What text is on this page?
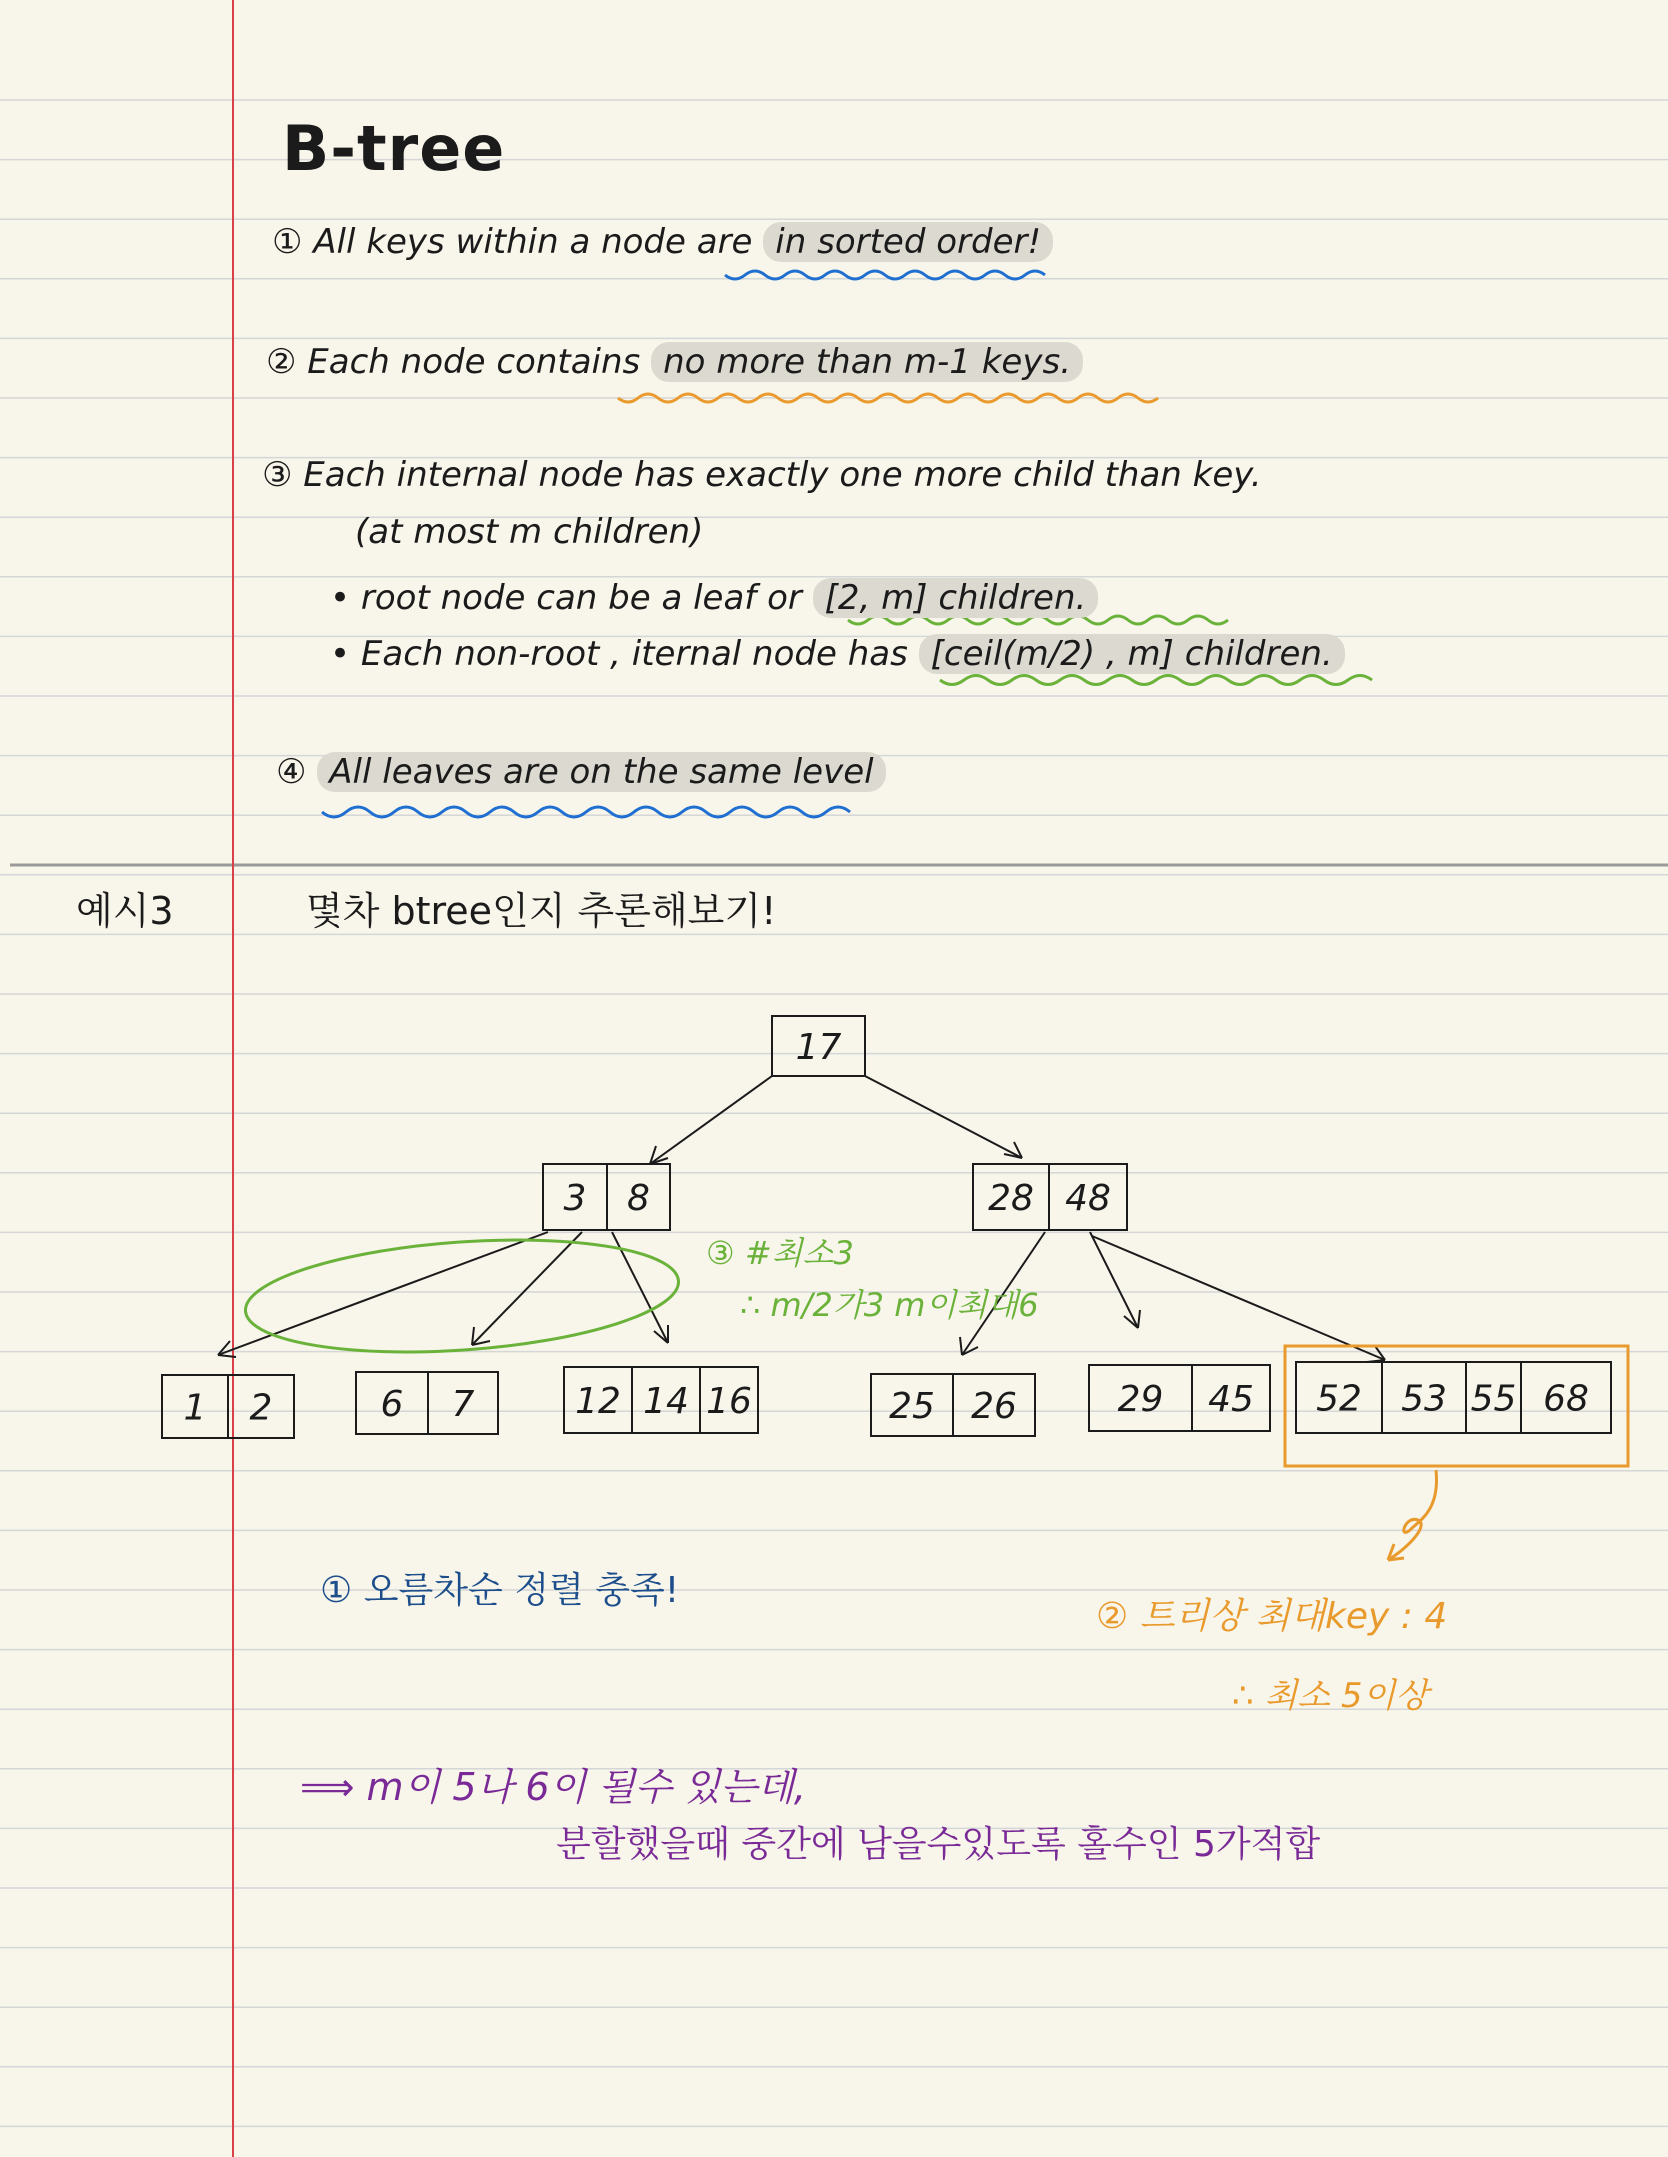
17
3 8	28 48
1 2	6 7	12 14 16	25 26	29 45 52 53 55 68
B-tree
① All keys within a node are in sorted order!
② Each node contains no more than m-1 keys.
③ Each internal node has exactly one more child than key.
(at most m children)
• root node can be a leaf or [2, m] children.
• Each non-root , iternal node has [ceil(m/2) , m] children.
④ All leaves are on the same level
예시3	몇차 btree인지 추론해보기!
③ #최소3
∴ m/2가3 m이최대6
① 오름차순 정렬 충족!
② 트리상 최대key : 4
∴ 최소 5이상
⟹ m이 5나 6이 될수 있는데,
분할했을때 중간에 남을수있도록 홀수인 5가적합
